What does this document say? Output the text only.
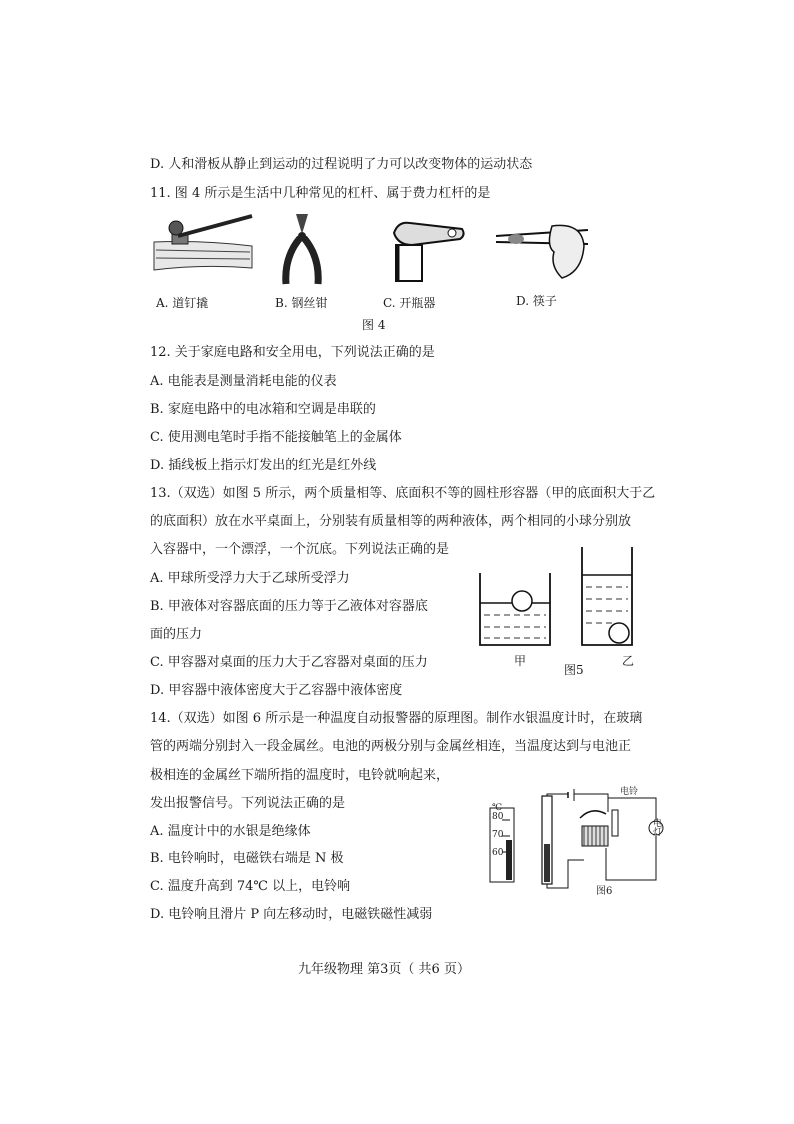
D. 人和滑板从静止到运动的过程说明了力可以改变物体的运动状态
11. 图 4 所示是生活中几种常见的杠杆、属于费力杠杆的是
A. 道钉撬	B. 钢丝钳	C. 开瓶器	D. 筷子
图 4
12. 关于家庭电路和安全用电，下列说法正确的是
A. 电能表是测量消耗电能的仪表
B. 家庭电路中的电冰箱和空调是串联的
C. 使用测电笔时手指不能接触笔上的金属体
D. 插线板上指示灯发出的红光是红外线
13.（双选）如图 5 所示，两个质量相等、底面积不等的圆柱形容器（甲的底面积大于乙
的底面积）放在水平桌面上，分别装有质量相等的两种液体，两个相同的小球分别放
入容器中，一个漂浮，一个沉底。下列说法正确的是
A. 甲球所受浮力大于乙球所受浮力
B. 甲液体对容器底面的压力等于乙液体对容器底
面的压力
C. 甲容器对桌面的压力大于乙容器对桌面的压力
D. 甲容器中液体密度大于乙容器中液体密度
甲
图5
乙
14.（双选）如图 6 所示是一种温度自动报警器的原理图。制作水银温度计时，在玻璃
管的两端分别封入一段金属丝。电池的两极分别与金属丝相连，当温度达到与电池正
极相连的金属丝下端所指的温度时，电铃就响起来，
发出报警信号。下列说法正确的是
A. 温度计中的水银是绝缘体
B. 电铃响时，电磁铁右端是 N 极
C. 温度升高到 74℃ 以上，电铃响
D. 电铃响且滑片 P 向左移动时，电磁铁磁性减弱
℃
80
70
60
电铃
电灯
图6
九年级物理 第3页（ 共6 页）
